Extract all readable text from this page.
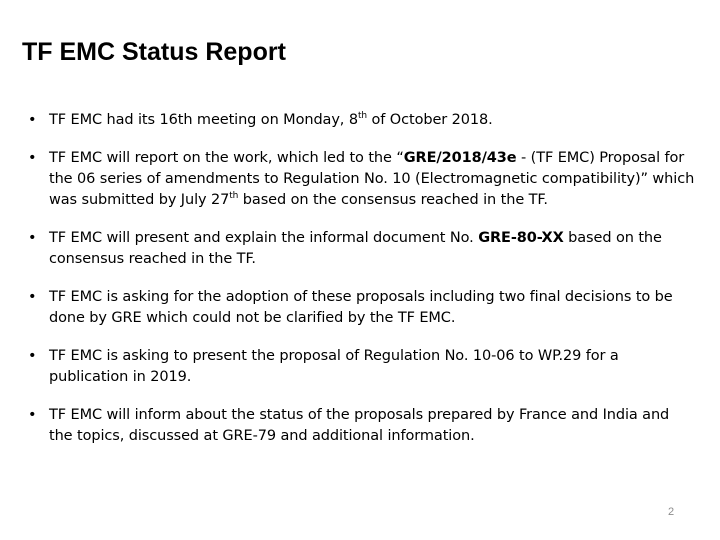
TF EMC Status Report
• TF EMC had its 16th meeting on Monday, 8th of October 2018.
• TF EMC will report on the work, which led to the “GRE/2018/43e - (TF EMC) Proposal for the 06 series of amendments to Regulation No. 10 (Electromagnetic compatibility)” which was submitted by July 27th based on the consensus reached in the TF.
• TF EMC will present and explain the informal document No. GRE-80-XX based on the consensus reached in the TF.
• TF EMC is asking for the adoption of these proposals including two final decisions to be done by GRE which could not be clarified by the TF EMC.
• TF EMC is asking to present the proposal of Regulation No. 10-06 to WP.29 for a publication in 2019.
• TF EMC will inform about the status of the proposals prepared by France and India and the topics, discussed at GRE-79 and additional information.
2
